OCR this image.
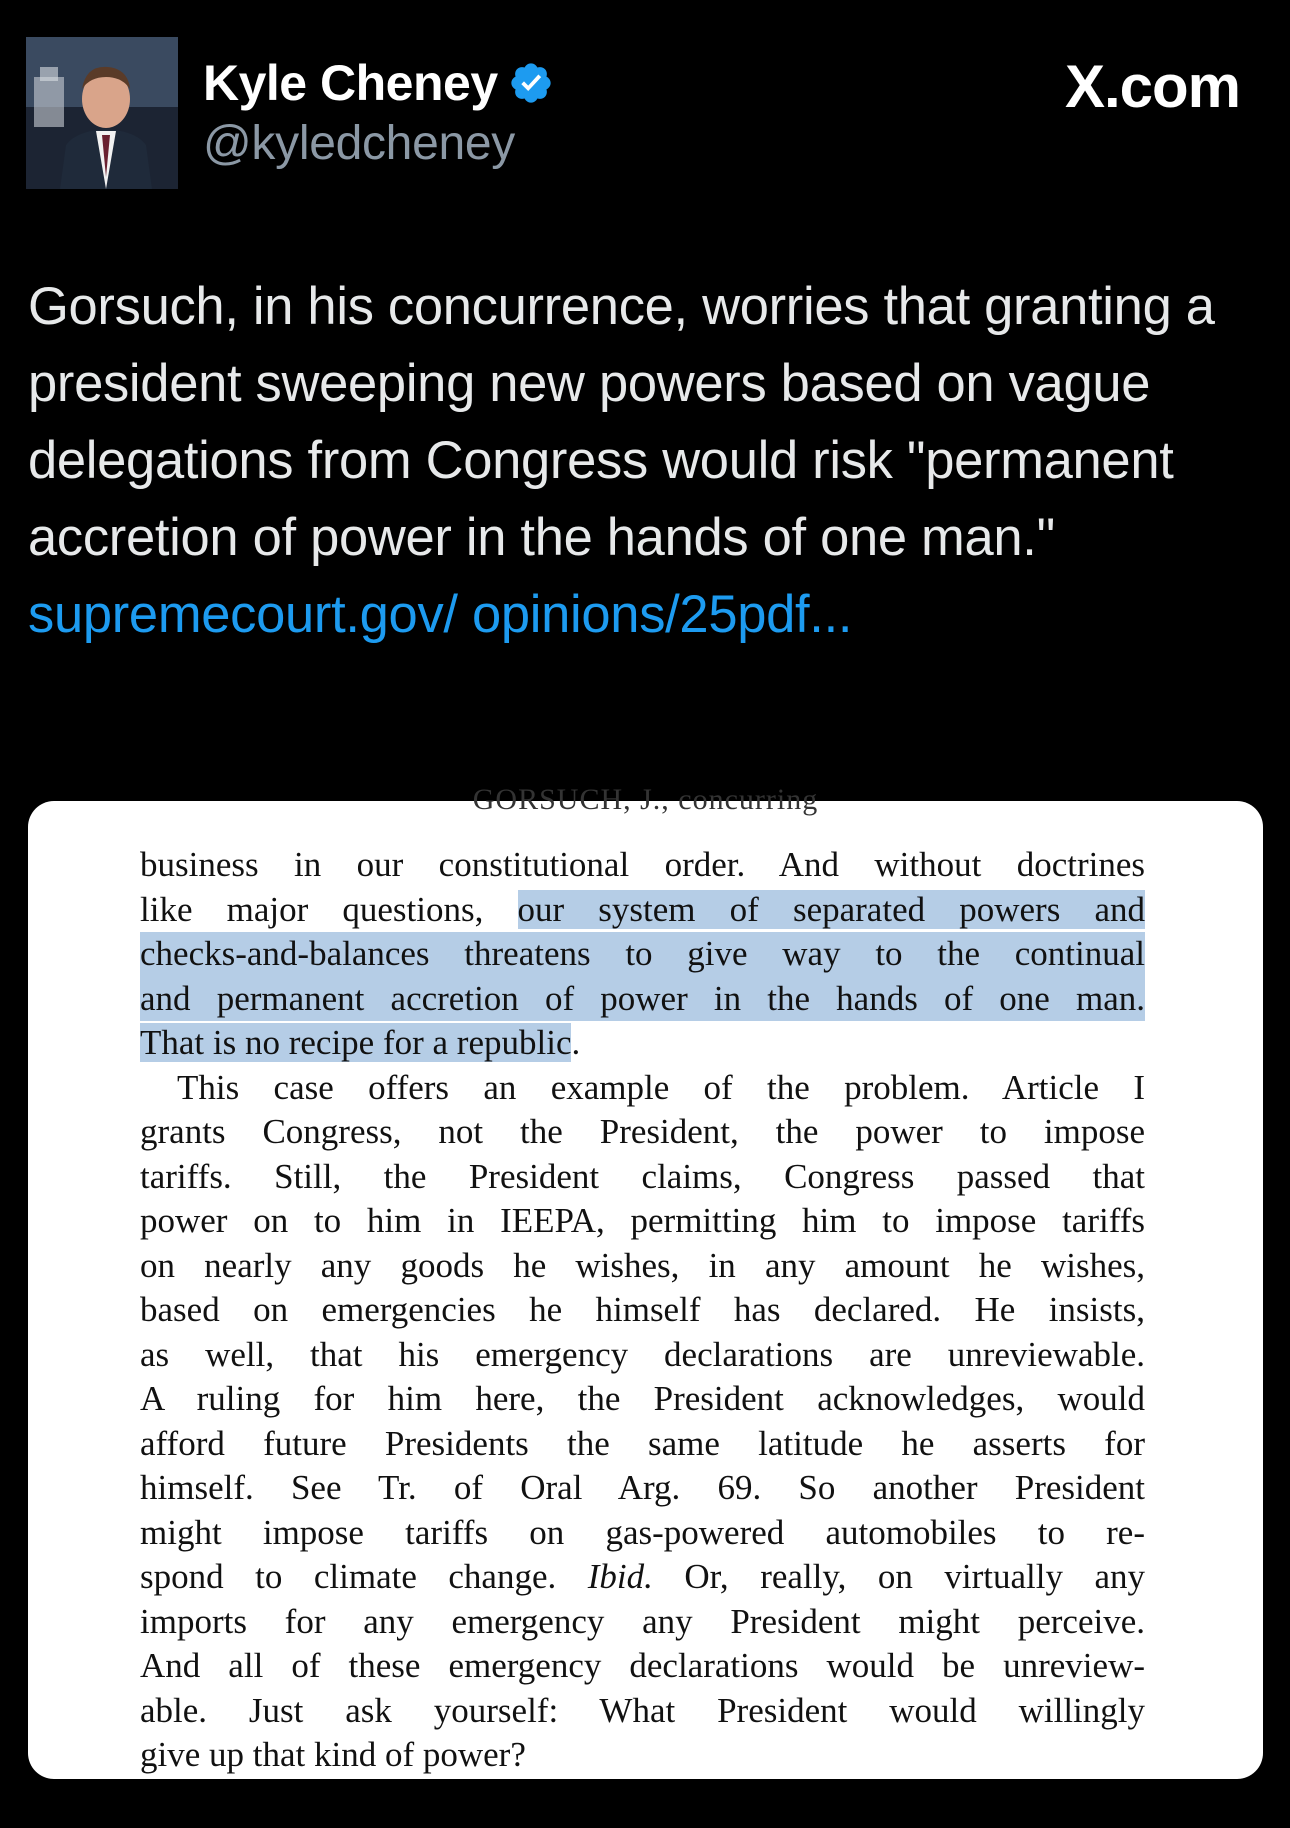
Kyle Cheney
@kyledcheney
X.com
Gorsuch, in his concurrence, worries that granting a president sweeping new powers based on vague delegations from Congress would risk "permanent accretion of power in the hands of one man." supremecourt.gov/ opinions/25pdf...
GORSUCH, J., concurring
business in our constitutional order. And without doctrines
like major questions, our system of separated powers and
checks-and-balances threatens to give way to the continual
and permanent accretion of power in the hands of one man.
That is no recipe for a republic.
This case offers an example of the problem. Article I
grants Congress, not the President, the power to impose
tariffs. Still, the President claims, Congress passed that
power on to him in IEEPA, permitting him to impose tariffs
on nearly any goods he wishes, in any amount he wishes,
based on emergencies he himself has declared. He insists,
as well, that his emergency declarations are unreviewable.
A ruling for him here, the President acknowledges, would
afford future Presidents the same latitude he asserts for
himself. See Tr. of Oral Arg. 69. So another President
might impose tariffs on gas-powered automobiles to re-
spond to climate change. Ibid. Or, really, on virtually any
imports for any emergency any President might perceive.
And all of these emergency declarations would be unreview-
able. Just ask yourself: What President would willingly
give up that kind of power?
